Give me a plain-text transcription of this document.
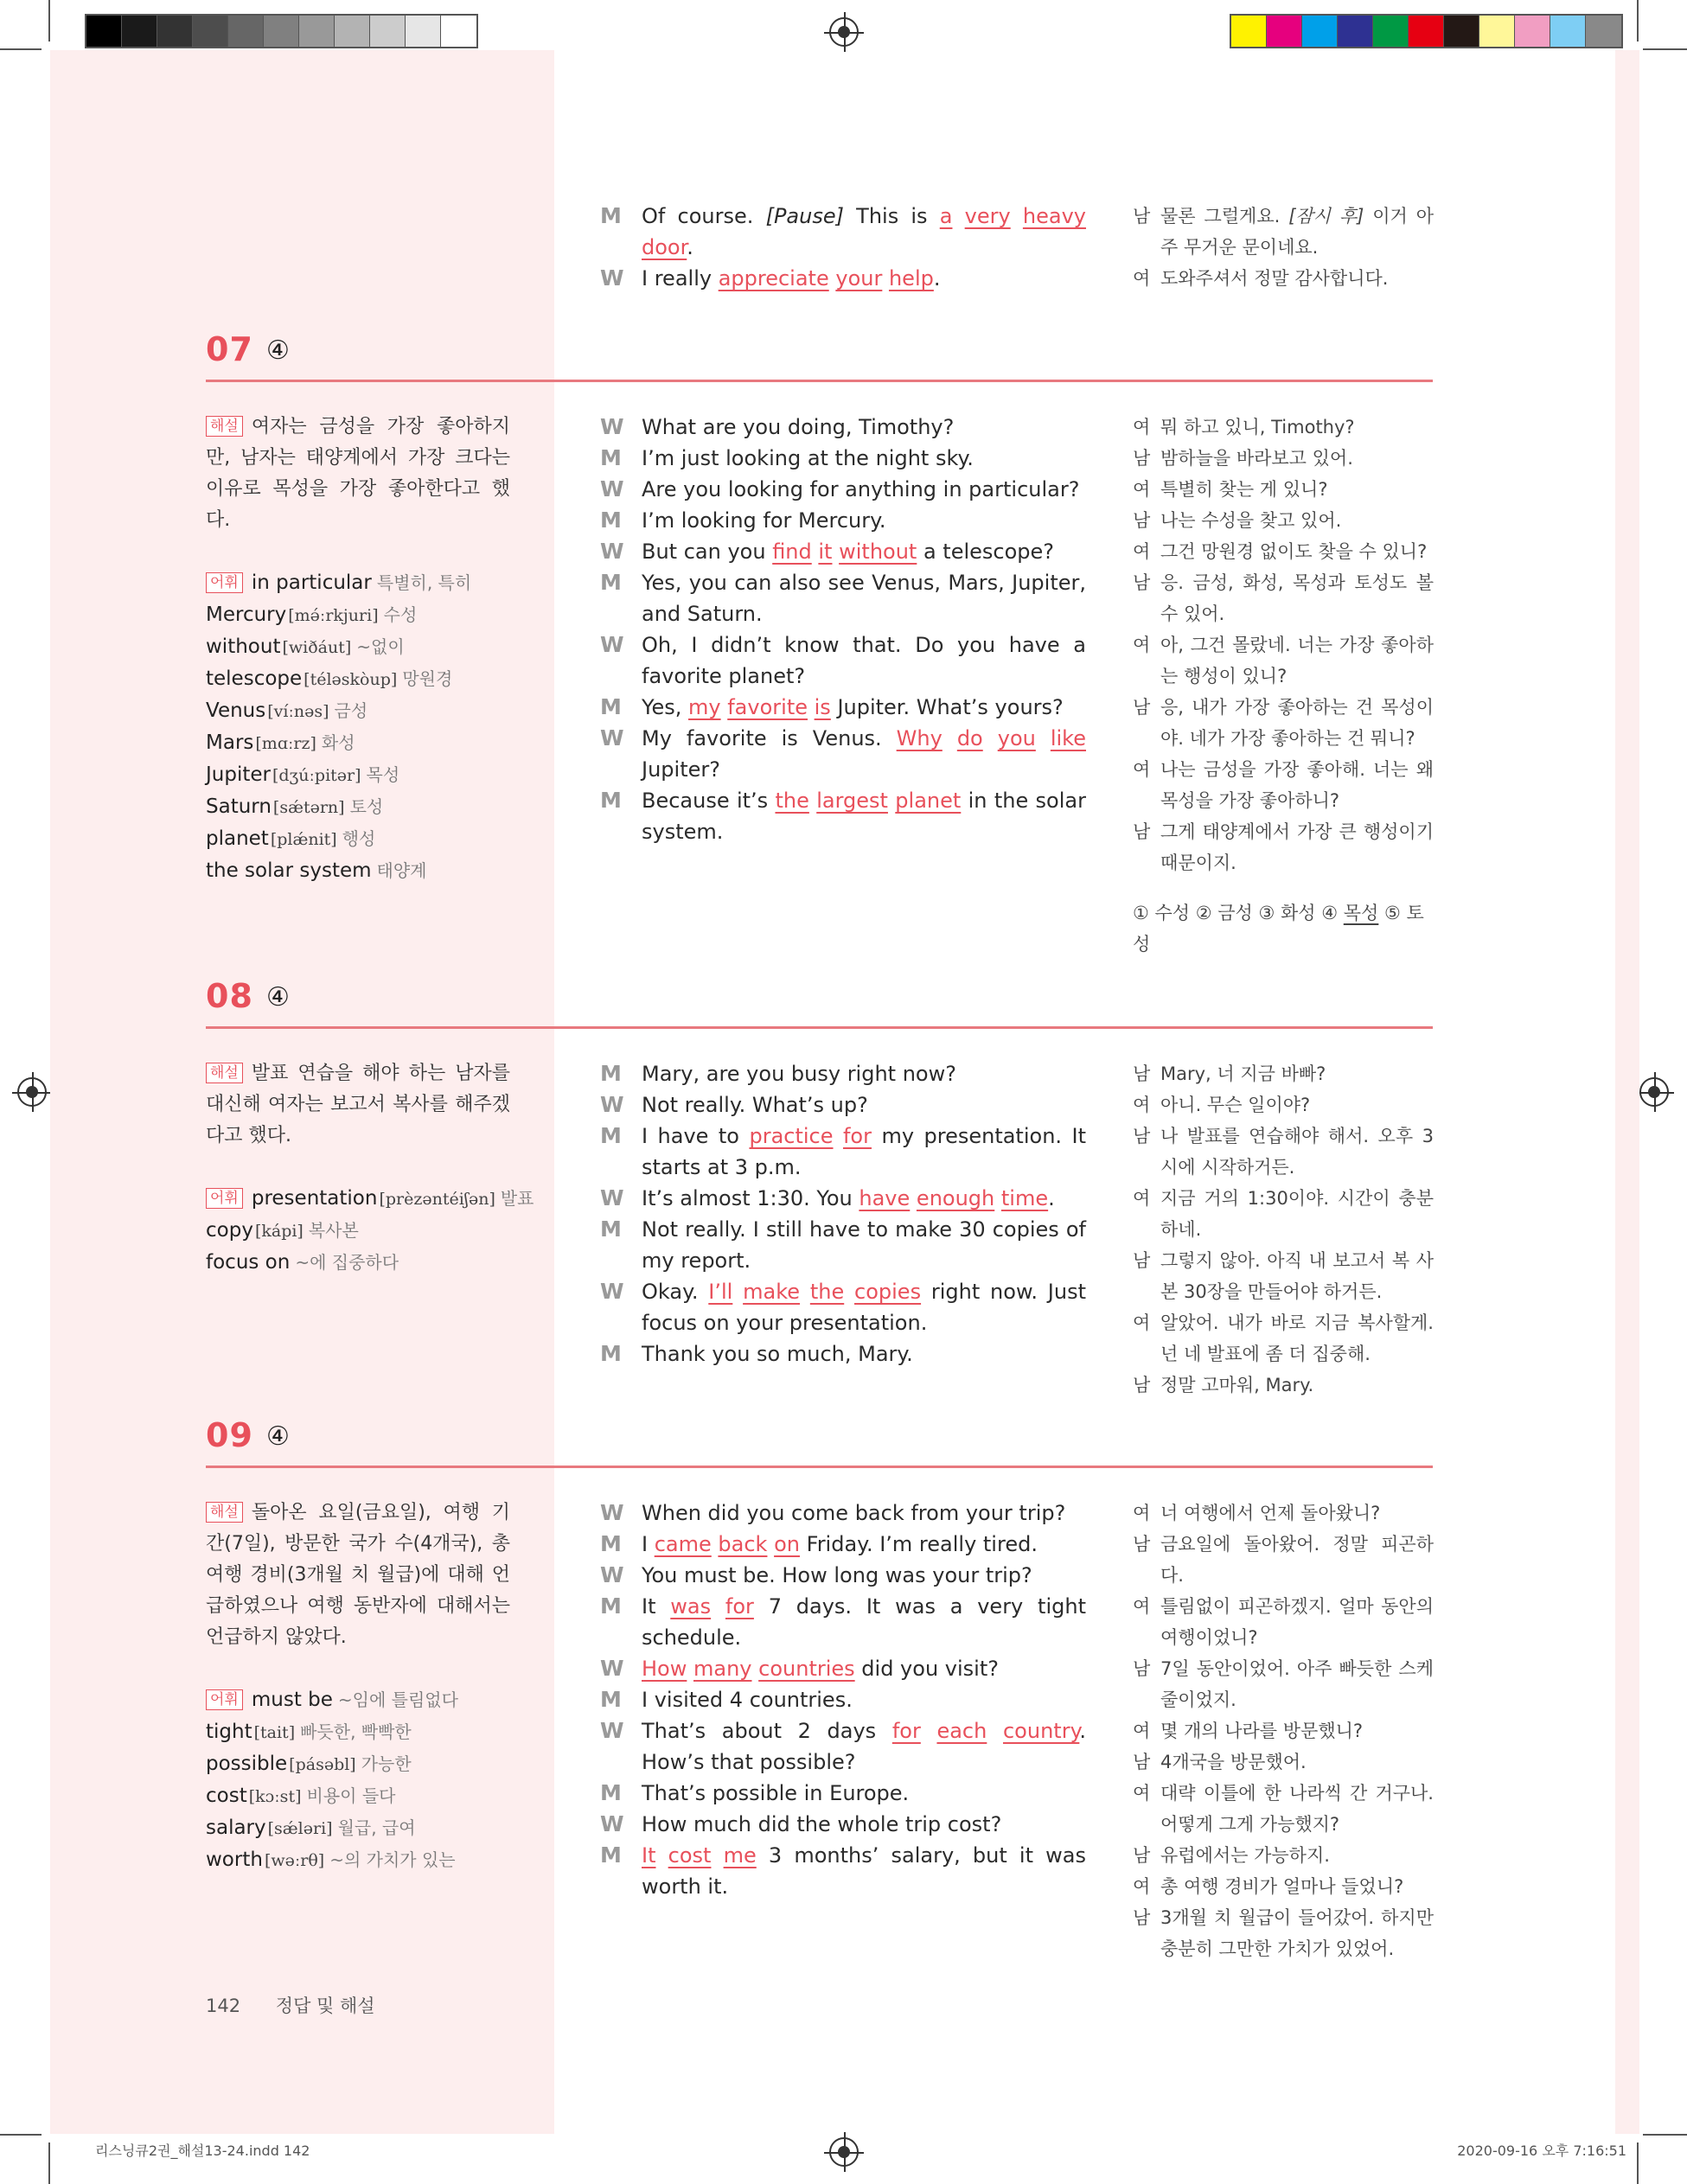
M Of course. [Pause] This is a very heavy door.
W I really appreciate your help.
남 물론 그럴게요. [잠시 후] 이거 아주 무거운 문이네요.
여 도와주셔서 정말 감사합니다.
07 ④
해설 여자는 금성을 가장 좋아하지만, 남자는 태양계에서 가장 크다는 이유로 목성을 가장 좋아한다고 했다.
어휘 in particular 특별히, 특히
Mercury [mə́ːrkjuri] 수성
without [wiðáut] ~없이
telescope [téləskòup] 망원경
Venus [víːnəs] 금성
Mars [mɑːrz] 화성
Jupiter [dʒúːpitər] 목성
Saturn [sǽtərn] 토성
planet [plǽnit] 행성
the solar system 태양계
W What are you doing, Timothy?
M I’m just looking at the night sky.
W Are you looking for anything in particular?
M I’m looking for Mercury.
W But can you find it without a telescope?
M Yes, you can also see Venus, Mars, Jupiter, and Saturn.
W Oh, I didn’t know that. Do you have a favorite planet?
M Yes, my favorite is Jupiter. What’s yours?
W My favorite is Venus. Why do you like Jupiter?
M Because it’s the largest planet in the solar system.
여 뭐 하고 있니, Timothy?
남 밤하늘을 바라보고 있어.
여 특별히 찾는 게 있니?
남 나는 수성을 찾고 있어.
여 그건 망원경 없이도 찾을 수 있니?
남 응. 금성, 화성, 목성과 토성도 볼 수 있어.
여 아, 그건 몰랐네. 너는 가장 좋아하는 행성이 있니?
남 응, 내가 가장 좋아하는 건 목성이야. 네가 가장 좋아하는 건 뭐니?
여 나는 금성을 가장 좋아해. 너는 왜 목성을 가장 좋아하니?
남 그게 태양계에서 가장 큰 행성이기 때문이지.
① 수성 ② 금성 ③ 화성 ④ 목성 ⑤ 토성
08 ④
해설 발표 연습을 해야 하는 남자를 대신해 여자는 보고서 복사를 해주겠다고 했다.
어휘 presentation [prèzəntéiʃən] 발표
copy [kápi] 복사본
focus on ~에 집중하다
M Mary, are you busy right now?
W Not really. What’s up?
M I have to practice for my presentation. It starts at 3 p.m.
W It’s almost 1:30. You have enough time.
M Not really. I still have to make 30 copies of my report.
W Okay. I’ll make the copies right now. Just focus on your presentation.
M Thank you so much, Mary.
남 Mary, 너 지금 바빠?
여 아니. 무슨 일이야?
남 나 발표를 연습해야 해서. 오후 3시에 시작하거든.
여 지금 거의 1:30이야. 시간이 충분하네.
남 그렇지 않아. 아직 내 보고서 복 사본 30장을 만들어야 하거든.
여 알았어. 내가 바로 지금 복사할게. 넌 네 발표에 좀 더 집중해.
남 정말 고마워, Mary.
09 ④
해설 돌아온 요일(금요일), 여행 기간(7일), 방문한 국가 수(4개국), 총 여행 경비(3개월 치 월급)에 대해 언급하였으나 여행 동반자에 대해서는 언급하지 않았다.
어휘 must be ~임에 틀림없다
tight [tait] 빠듯한, 빡빡한
possible [pásəbl] 가능한
cost [kɔːst] 비용이 들다
salary [sǽləri] 월급, 급여
worth [wəːrθ] ~의 가치가 있는
W When did you come back from your trip?
M I came back on Friday. I’m really tired.
W You must be. How long was your trip?
M It was for 7 days. It was a very tight schedule.
W How many countries did you visit?
M I visited 4 countries.
W That’s about 2 days for each country. How’s that possible?
M That’s possible in Europe.
W How much did the whole trip cost?
M It cost me 3 months’ salary, but it was worth it.
여 너 여행에서 언제 돌아왔니?
남 금요일에 돌아왔어. 정말 피곤하다.
여 틀림없이 피곤하겠지. 얼마 동안의 여행이었니?
남 7일 동안이었어. 아주 빠듯한 스케줄이었지.
여 몇 개의 나라를 방문했니?
남 4개국을 방문했어.
여 대략 이틀에 한 나라씩 간 거구나. 어떻게 그게 가능했지?
남 유럽에서는 가능하지.
여 총 여행 경비가 얼마나 들었니?
남 3개월 치 월급이 들어갔어. 하지만 충분히 그만한 가치가 있었어.
142 정답 및 해설
리스닝큐2권_해설13-24.indd 142	2020-09-16 오후 7:16:51
